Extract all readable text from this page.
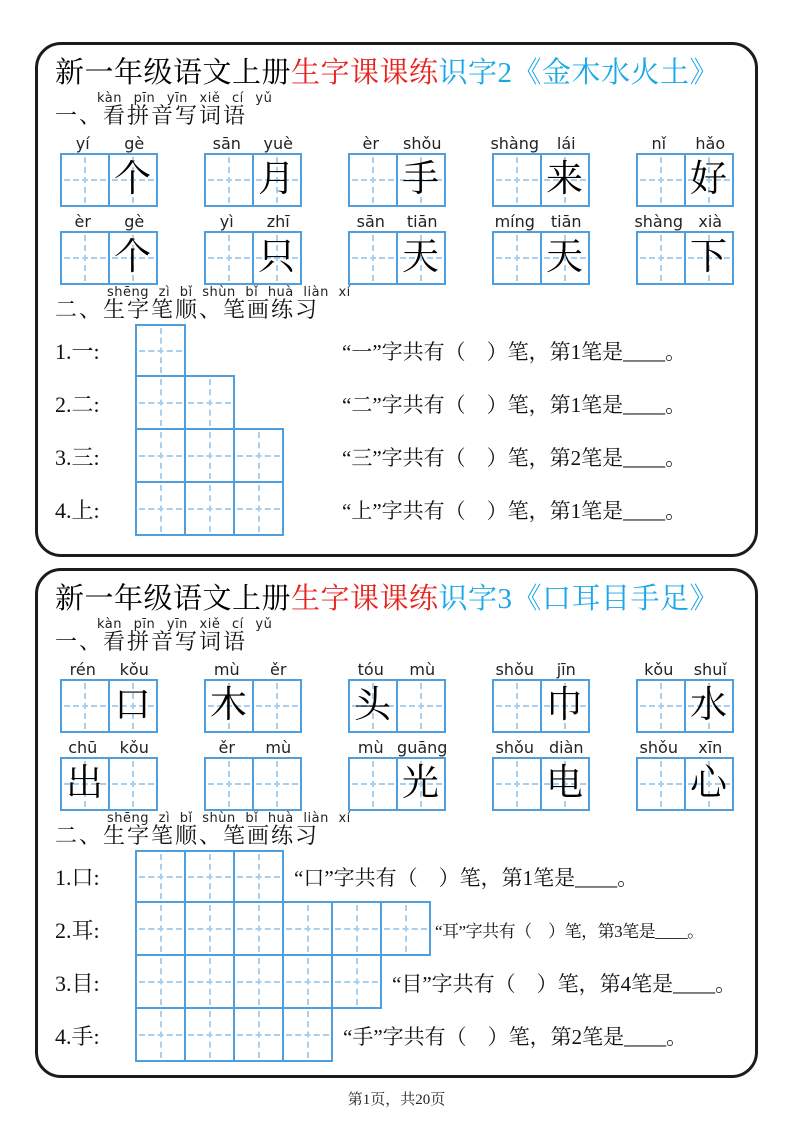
新一年级语文上册生字课课练识字2《金木水火土》
kàn pīn yīn xiě cí yǔ
一、看拼音写词语
yí	gè
个
sān	yuè
月
èr	shǒu
手
shàng	lái
来
nǐ	hǎo
好
èr	gè
个
yì	zhī
只
sān	tiān
天
míng	tiān
天
shàng xià
下
shēng zì bǐ shùn bǐ huà liàn xí
二、生字笔顺、笔画练习
1.一:	“一”字共有（　）笔，第1笔是____。
2.二:	“二”字共有（　）笔，第1笔是____。
3.三:	“三”字共有（　）笔，第2笔是____。
4.上:	“上”字共有（　）笔，第1笔是____。
新一年级语文上册生字课课练识字3《口耳目手足》
kàn pīn yīn xiě cí yǔ
一、看拼音写词语
rén	kǒu
口
mù	ěr
木
tóu	mù
头
shǒu	jīn
巾
kǒu	shuǐ
水
chū	kǒu
出
ěr	mù	mù guāng
光
shǒu diàn
电
shǒu	xīn
心
shēng zì bǐ shùn bǐ huà liàn xí
二、生字笔顺、笔画练习
1.口:	“口”字共有（　）笔，第1笔是____。
2.耳:	“耳”字共有（　）笔，第3笔是____。
3.目:	“目”字共有（　）笔，第4笔是____。
4.手:	“手”字共有（　）笔，第2笔是____。
第1页，共20页
